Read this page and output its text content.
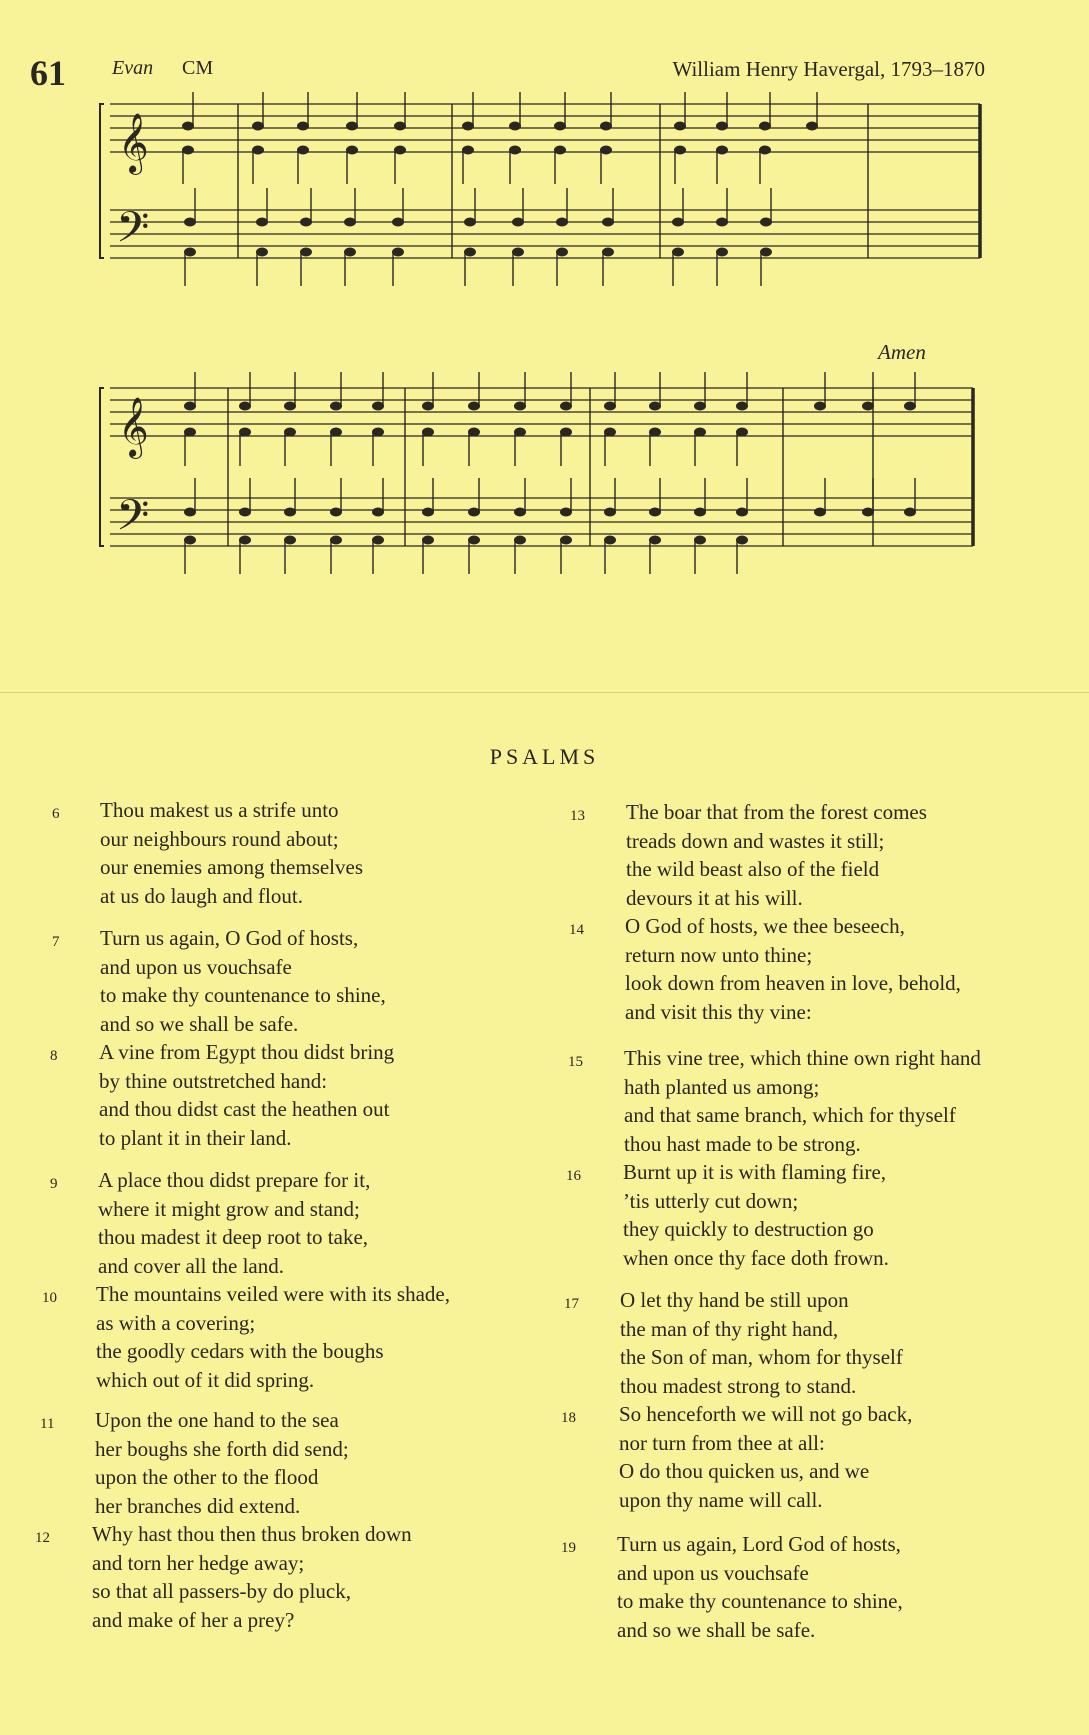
61 Evan CM	William Henry Havergal, 1793–1870
𝄞
𝄢
𝄞
𝄢
Amen
PSALMS
6 Thou makest us a strife unto
our neighbours round about;
our enemies among themselves
at us do laugh and flout.
7 Turn us again, O God of hosts,
and upon us vouchsafe
to make thy countenance to shine,
and so we shall be safe.
8 A vine from Egypt thou didst bring
by thine outstretched hand:
and thou didst cast the heathen out
to plant it in their land.
9 A place thou didst prepare for it,
where it might grow and stand;
thou madest it deep root to take,
and cover all the land.
10 The mountains veiled were with its shade,
as with a covering;
the goodly cedars with the boughs
which out of it did spring.
11 Upon the one hand to the sea
her boughs she forth did send;
upon the other to the flood
her branches did extend.
12 Why hast thou then thus broken down
and torn her hedge away;
so that all passers-by do pluck,
and make of her a prey?
13 The boar that from the forest comes
treads down and wastes it still;
the wild beast also of the field
devours it at his will.
14 O God of hosts, we thee beseech,
return now unto thine;
look down from heaven in love, behold,
and visit this thy vine:
15 This vine tree, which thine own right hand
hath planted us among;
and that same branch, which for thyself
thou hast made to be strong.
16 Burnt up it is with flaming fire,
’tis utterly cut down;
they quickly to destruction go
when once thy face doth frown.
17 O let thy hand be still upon
the man of thy right hand,
the Son of man, whom for thyself
thou madest strong to stand.
18 So henceforth we will not go back,
nor turn from thee at all:
O do thou quicken us, and we
upon thy name will call.
19 Turn us again, Lord God of hosts,
and upon us vouchsafe
to make thy countenance to shine,
and so we shall be safe.
